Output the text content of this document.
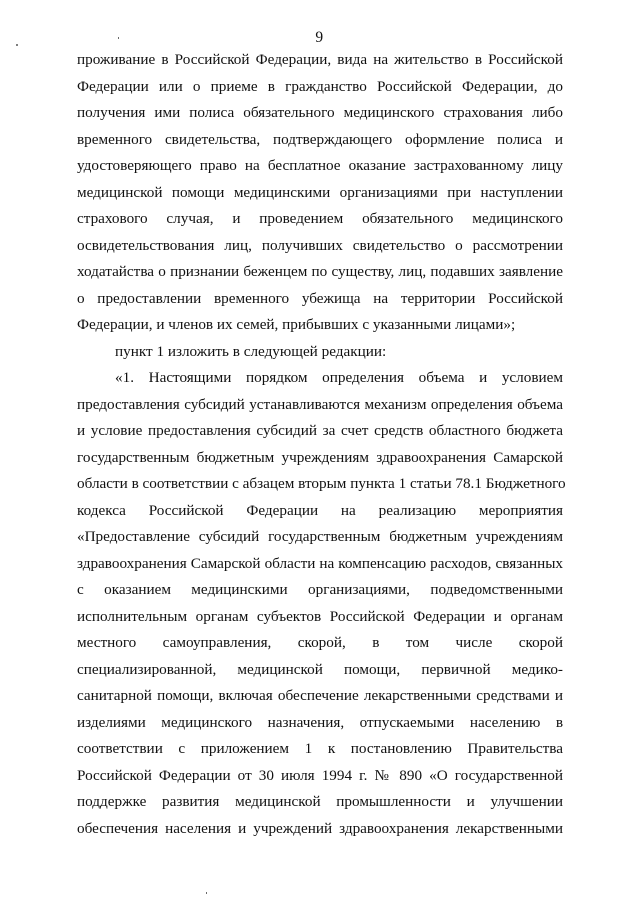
9
проживание в Российской Федерации, вида на жительство в Российской
Федерации или о приеме в гражданство Российской Федерации, до
получения ими полиса обязательного медицинского страхования либо
временного свидетельства, подтверждающего оформление полиса и
удостоверяющего право на бесплатное оказание застрахованному лицу
медицинской помощи медицинскими организациями при наступлении
страхового случая, и проведением обязательного медицинского
освидетельствования лиц, получивших свидетельство о рассмотрении
ходатайства о признании беженцем по существу, лиц, подавших заявление
о предоставлении временного убежища на территории Российской
Федерации, и членов их семей, прибывших с указанными лицами»;
пункт 1 изложить в следующей редакции:
«1. Настоящими порядком определения объема и условием
предоставления субсидий устанавливаются механизм определения объема
и условие предоставления субсидий за счет средств областного бюджета
государственным бюджетным учреждениям здравоохранения Самарской
области в соответствии с абзацем вторым пункта 1 статьи 78.1 Бюджетного
кодекса Российской Федерации на реализацию мероприятия
«Предоставление субсидий государственным бюджетным учреждениям
здравоохранения Самарской области на компенсацию расходов, связанных
с оказанием медицинскими организациями, подведомственными
исполнительным органам субъектов Российской Федерации и органам
местного самоуправления, скорой, в том числе скорой
специализированной, медицинской помощи, первичной медико-
санитарной помощи, включая обеспечение лекарственными средствами и
изделиями медицинского назначения, отпускаемыми населению в
соответствии с приложением 1 к постановлению Правительства
Российской Федерации от 30 июля 1994 г. № 890 «О государственной
поддержке развития медицинской промышленности и улучшении
обеспечения населения и учреждений здравоохранения лекарственными
